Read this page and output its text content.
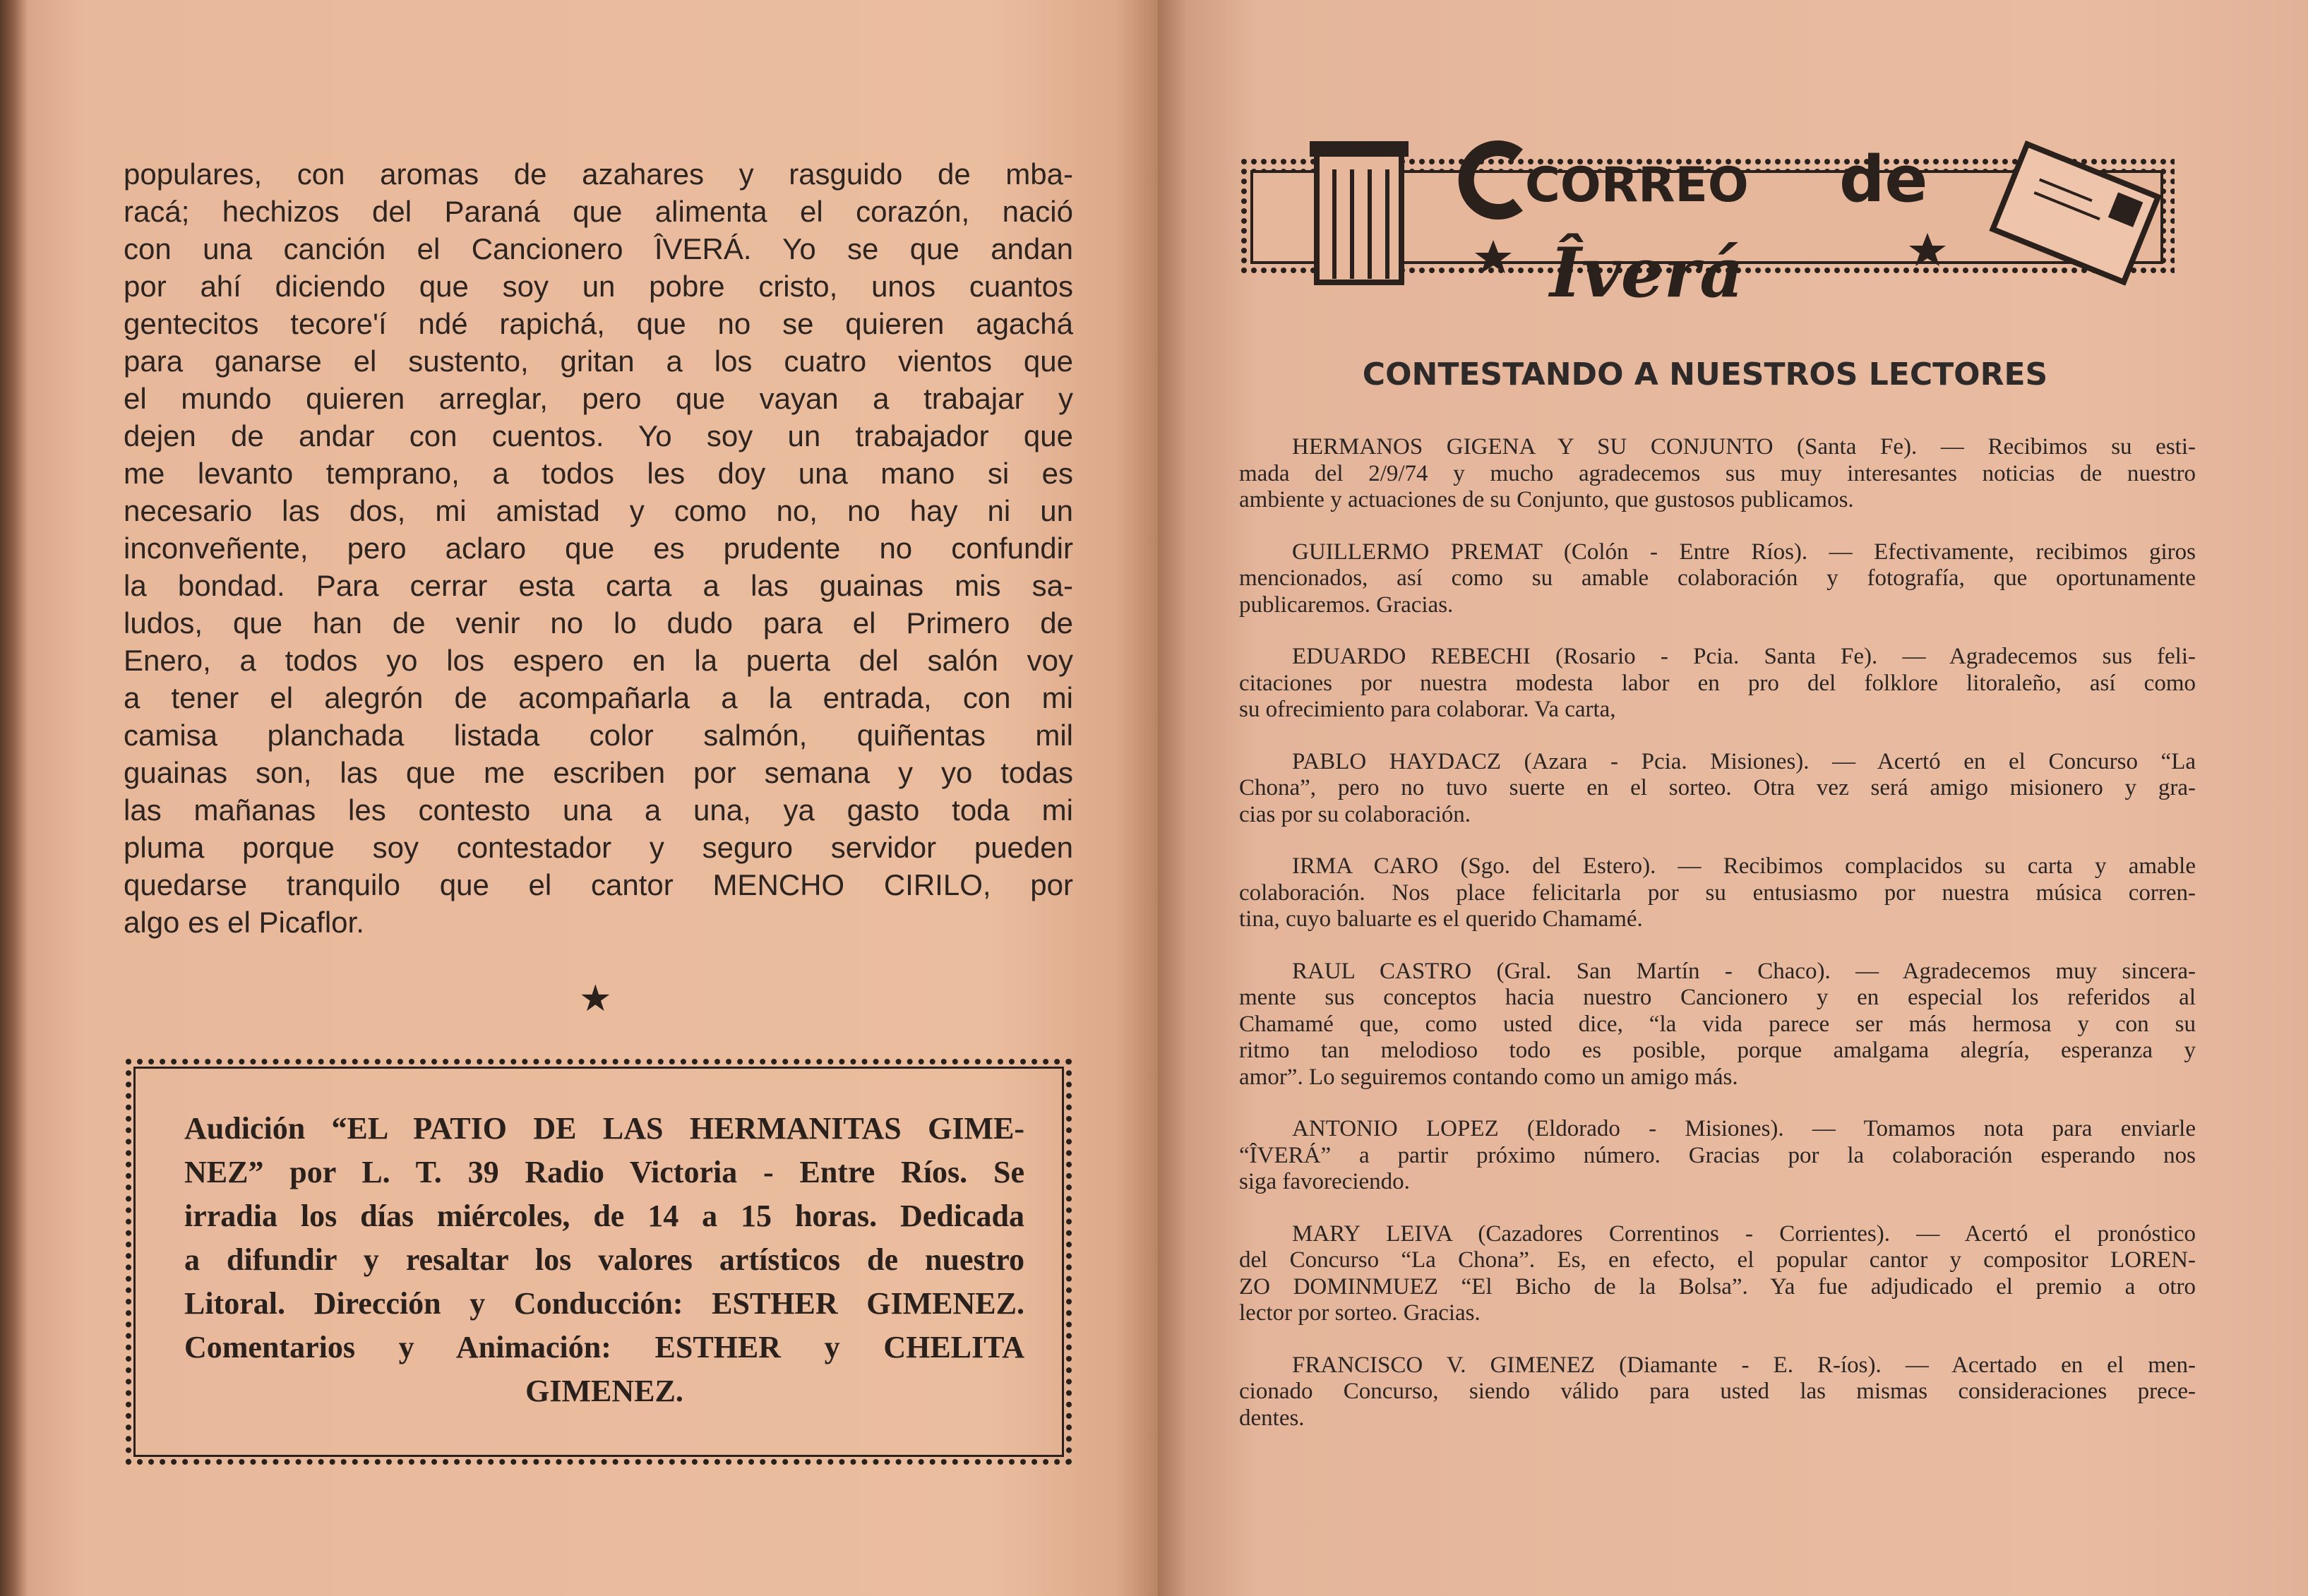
populares, con aromas de azahares y rasguido de mba-
racá; hechizos del Paraná que alimenta el corazón, nació
con una canción el Cancionero ÎVERÁ. Yo se que andan
por ahí diciendo que soy un pobre cristo, unos cuantos
gentecitos tecore'í ndé rapichá, que no se quieren agachá
para ganarse el sustento, gritan a los cuatro vientos que
el mundo quieren arreglar, pero que vayan a trabajar y
dejen de andar con cuentos. Yo soy un trabajador que
me levanto temprano, a todos les doy una mano si es
necesario las dos, mi amistad y como no, no hay ni un
inconveñente, pero aclaro que es prudente no confundir
la bondad. Para cerrar esta carta a las guainas mis sa-
ludos, que han de venir no lo dudo para el Primero de
Enero, a todos yo los espero en la puerta del salón voy
a tener el alegrón de acompañarla a la entrada, con mi
camisa planchada listada color salmón, quiñentas mil
guainas son, las que me escriben por semana y yo todas
las mañanas les contesto una a una, ya gasto toda mi
pluma porque soy contestador y seguro servidor pueden
quedarse tranquilo que el cantor MENCHO CIRILO, por
algo es el Picaflor.
★
Audición “EL PATIO DE LAS HERMANITAS GIME-
NEZ” por L. T. 39 Radio Victoria - Entre Ríos. Se
irradia los días miércoles, de 14 a 15 horas. Dedicada
a difundir y resaltar los valores artísticos de nuestro
Litoral. Dirección y Conducción: ESTHER GIMENEZ.
Comentarios y Animación: ESTHER y CHELITA
GIMENEZ.
CORREO de
Îverá
CONTESTANDO A NUESTROS LECTORES
HERMANOS GIGENA Y SU CONJUNTO (Santa Fe). — Recibimos su esti-
mada del 2/9/74 y mucho agradecemos sus muy interesantes noticias de nuestro
ambiente y actuaciones de su Conjunto, que gustosos publicamos.
GUILLERMO PREMAT (Colón - Entre Ríos). — Efectivamente, recibimos giros
mencionados, así como su amable colaboración y fotografía, que oportunamente
publicaremos. Gracias.
EDUARDO REBECHI (Rosario - Pcia. Santa Fe). — Agradecemos sus feli-
citaciones por nuestra modesta labor en pro del folklore litoraleño, así como
su ofrecimiento para colaborar. Va carta,
PABLO HAYDACZ (Azara - Pcia. Misiones). — Acertó en el Concurso “La
Chona”, pero no tuvo suerte en el sorteo. Otra vez será amigo misionero y gra-
cias por su colaboración.
IRMA CARO (Sgo. del Estero). — Recibimos complacidos su carta y amable
colaboración. Nos place felicitarla por su entusiasmo por nuestra música corren-
tina, cuyo baluarte es el querido Chamamé.
RAUL CASTRO (Gral. San Martín - Chaco). — Agradecemos muy sincera-
mente sus conceptos hacia nuestro Cancionero y en especial los referidos al
Chamamé que, como usted dice, “la vida parece ser más hermosa y con su
ritmo tan melodioso todo es posible, porque amalgama alegría, esperanza y
amor”. Lo seguiremos contando como un amigo más.
ANTONIO LOPEZ (Eldorado - Misiones). — Tomamos nota para enviarle
“ÎVERÁ” a partir próximo número. Gracias por la colaboración esperando nos
siga favoreciendo.
MARY LEIVA (Cazadores Correntinos - Corrientes). — Acertó el pronóstico
del Concurso “La Chona”. Es, en efecto, el popular cantor y compositor LOREN-
ZO DOMINMUEZ “El Bicho de la Bolsa”. Ya fue adjudicado el premio a otro
lector por sorteo. Gracias.
FRANCISCO V. GIMENEZ (Diamante - E. R-íos). — Acertado en el men-
cionado Concurso, siendo válido para usted las mismas consideraciones prece-
dentes.
